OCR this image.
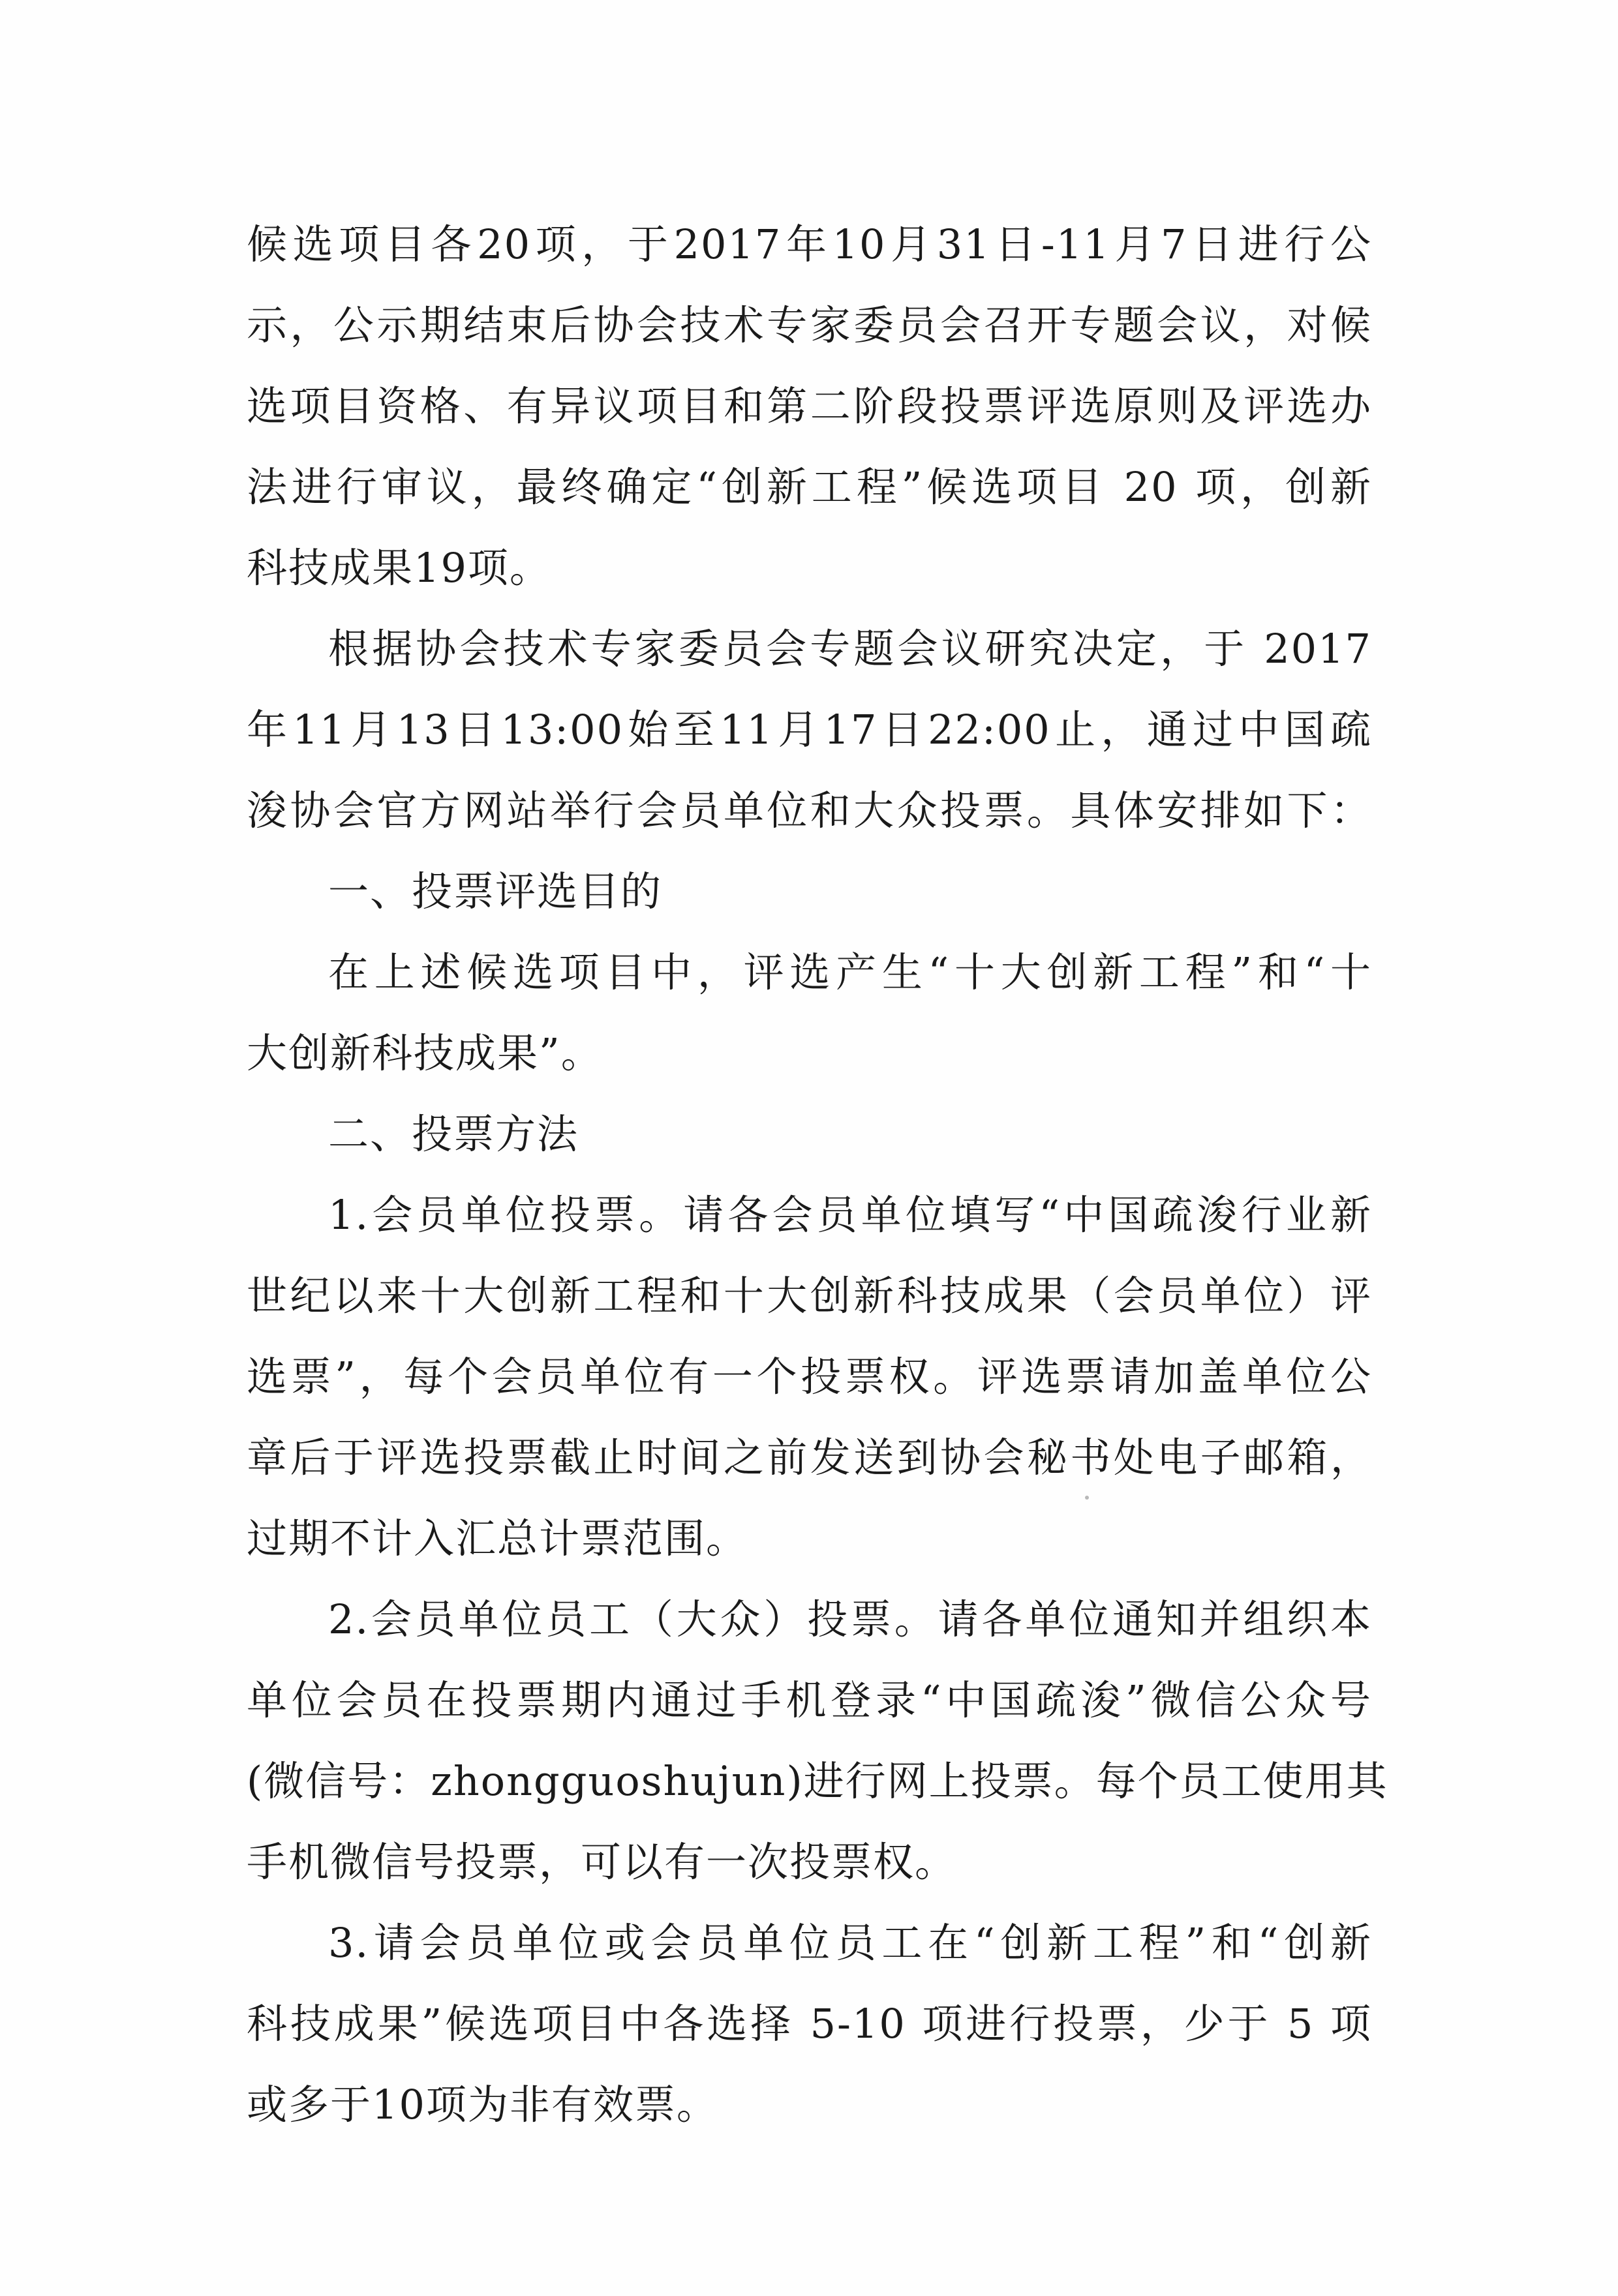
候选项目各20项，于2017年10月31日-11月7日进行公
示，公示期结束后协会技术专家委员会召开专题会议，对候
选项目资格、有异议项目和第二阶段投票评选原则及评选办
法进行审议，最终确定“创新工程”候选项目 20 项，创新
科技成果19项。
根据协会技术专家委员会专题会议研究决定，于 2017
年11月13日13:00始至11月17日22:00止，通过中国疏
浚协会官方网站举行会员单位和大众投票。具体安排如下：
一、投票评选目的
在上述候选项目中，评选产生“十大创新工程”和“十
大创新科技成果”。
二、投票方法
1.会员单位投票。请各会员单位填写“中国疏浚行业新
世纪以来十大创新工程和十大创新科技成果（会员单位）评
选票”，每个会员单位有一个投票权。评选票请加盖单位公
章后于评选投票截止时间之前发送到协会秘书处电子邮箱，
过期不计入汇总计票范围。
2.会员单位员工（大众）投票。请各单位通知并组织本
单位会员在投票期内通过手机登录“中国疏浚”微信公众号
(微信号：zhongguoshujun)进行网上投票。每个员工使用其
手机微信号投票，可以有一次投票权。
3.请会员单位或会员单位员工在“创新工程”和“创新
科技成果”候选项目中各选择 5-10 项进行投票，少于 5 项
或多于10项为非有效票。
